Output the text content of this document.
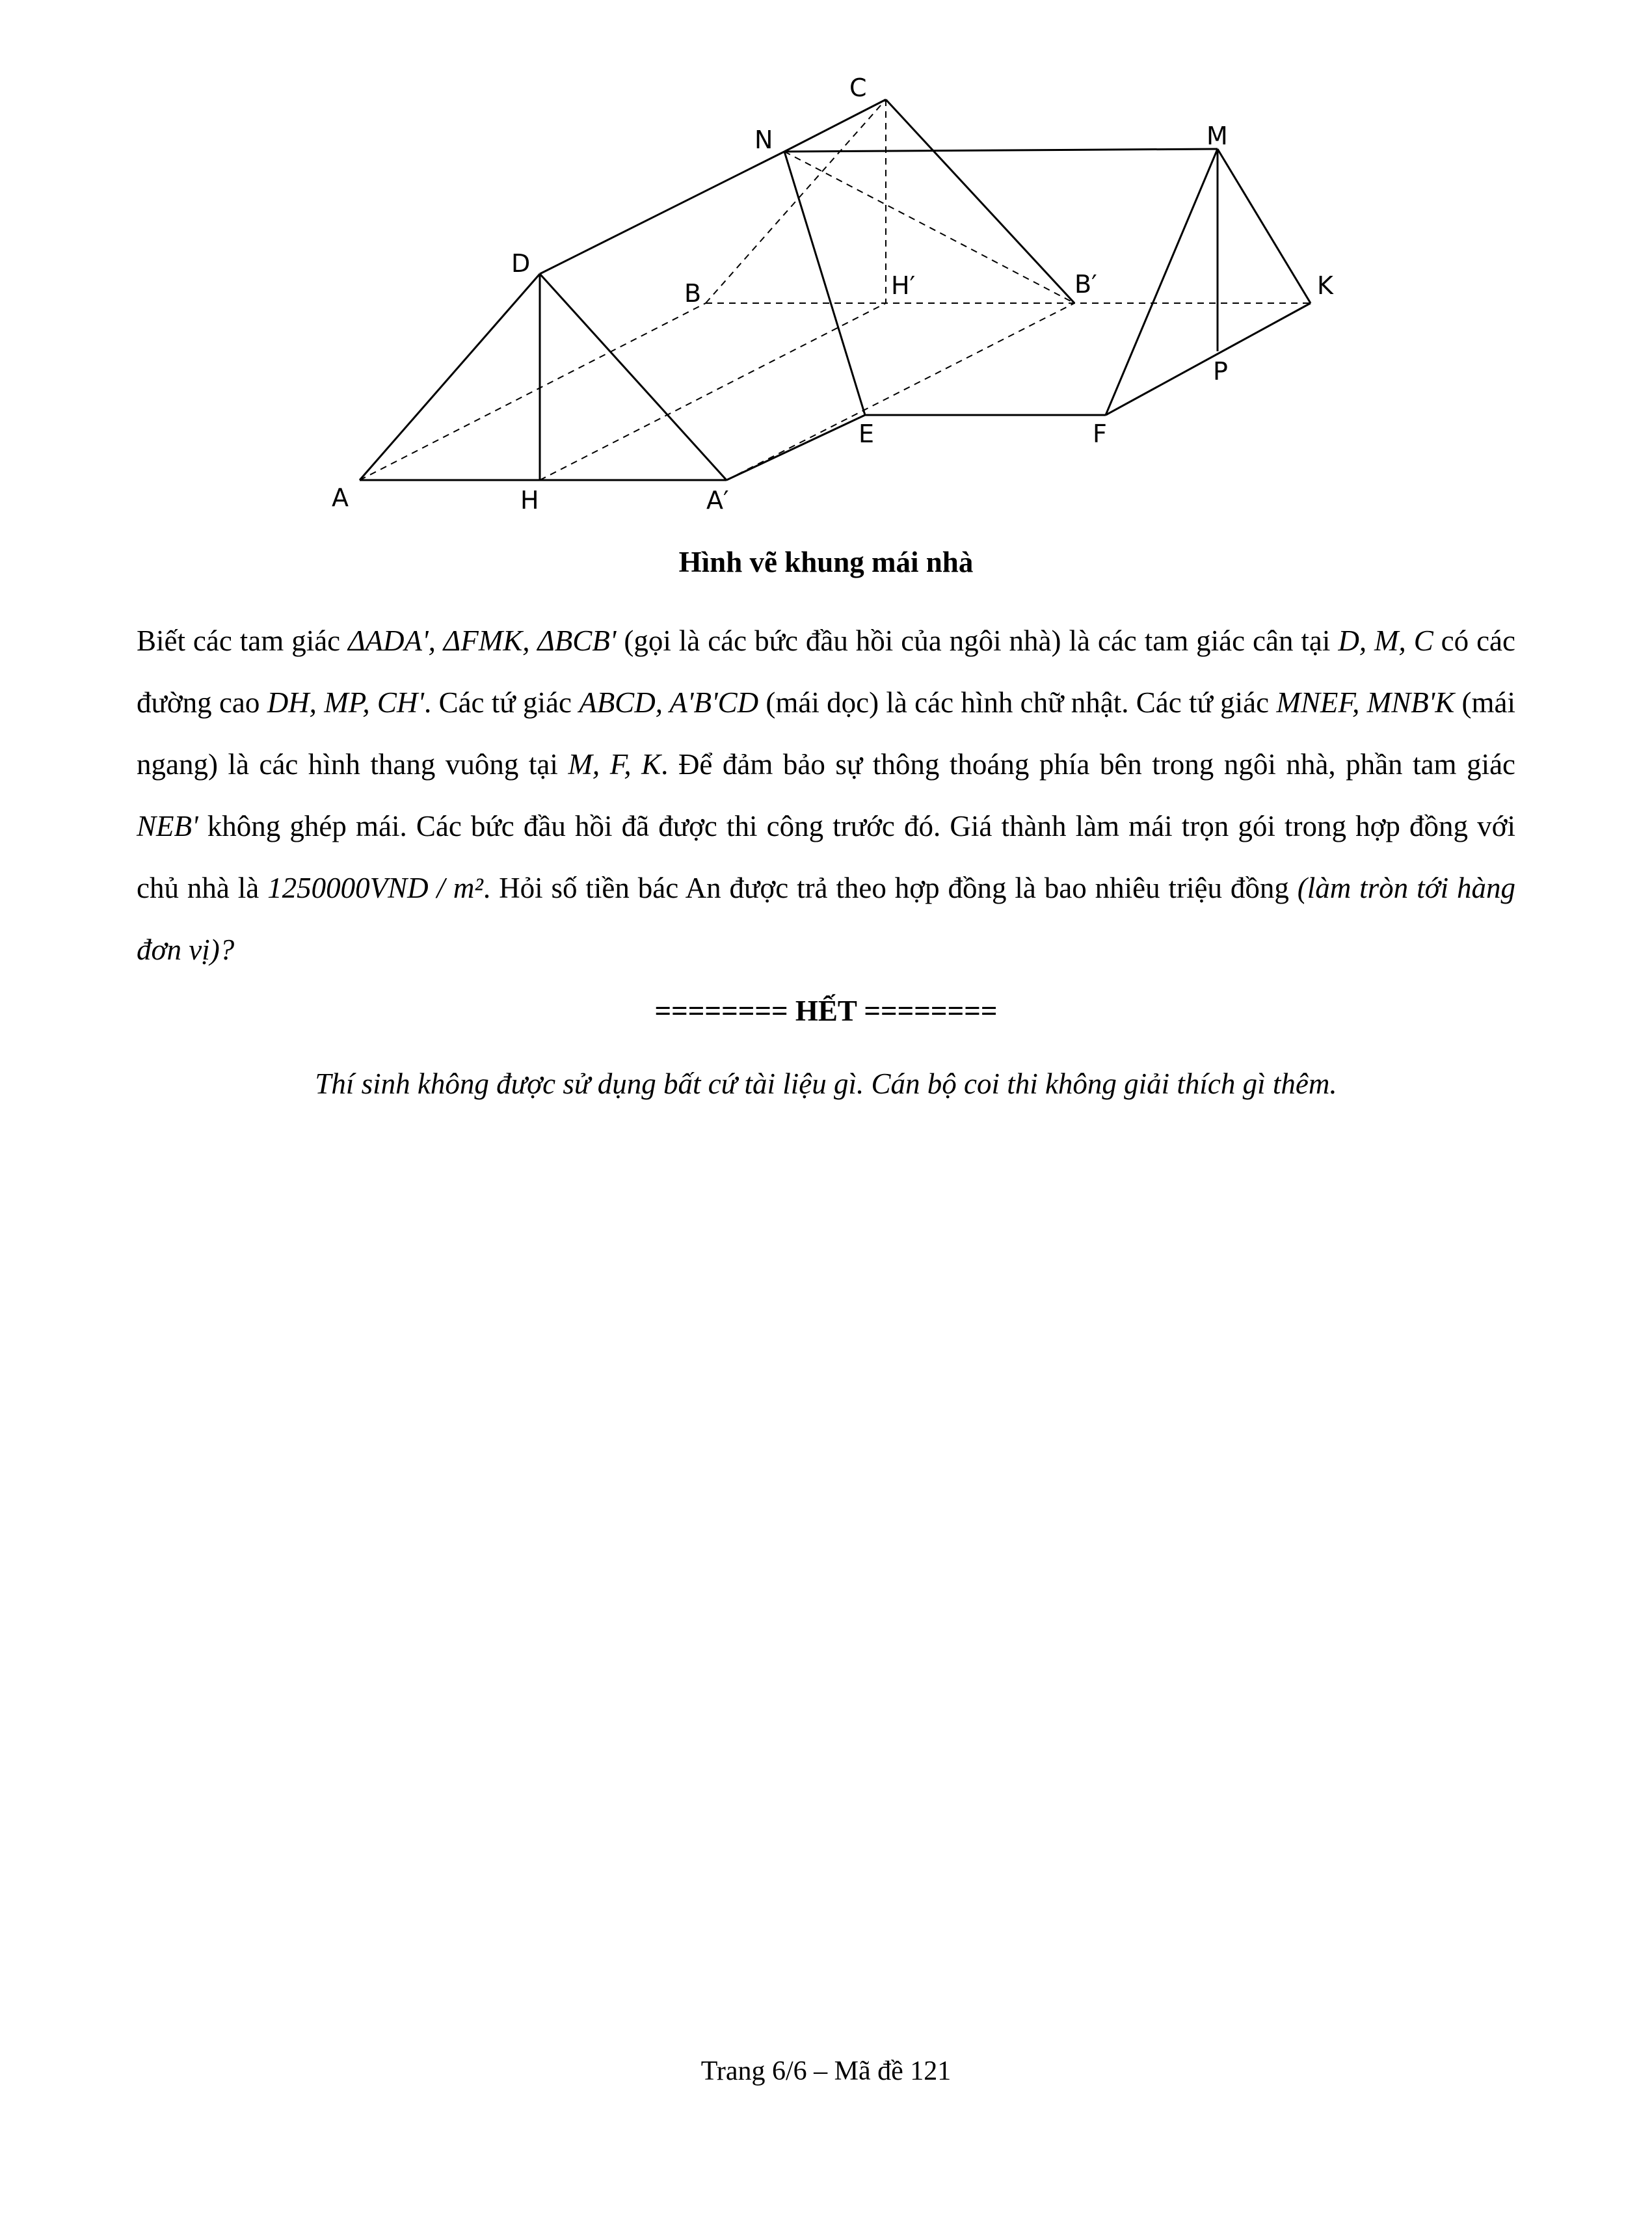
A	H	A′
D
B	H′
C
N
B′
E	F
M
K
P
Hình vẽ khung mái nhà
Biết các tam giác ΔADA', ΔFMK, ΔBCB' (gọi là các bức đầu hồi của ngôi nhà) là các tam giác cân tại D, M, C có các đường cao DH, MP, CH'. Các tứ giác ABCD, A'B'CD (mái dọc) là các hình chữ nhật. Các tứ giác MNEF, MNB'K (mái ngang) là các hình thang vuông tại M, F, K. Để đảm bảo sự thông thoáng phía bên trong ngôi nhà, phần tam giác NEB' không ghép mái. Các bức đầu hồi đã được thi công trước đó. Giá thành làm mái trọn gói trong hợp đồng với chủ nhà là 1250000VND / m². Hỏi số tiền bác An được trả theo hợp đồng là bao nhiêu triệu đồng (làm tròn tới hàng đơn vị)?
======== HẾT ========
Thí sinh không được sử dụng bất cứ tài liệu gì. Cán bộ coi thi không giải thích gì thêm.
Trang 6/6 – Mã đề 121
